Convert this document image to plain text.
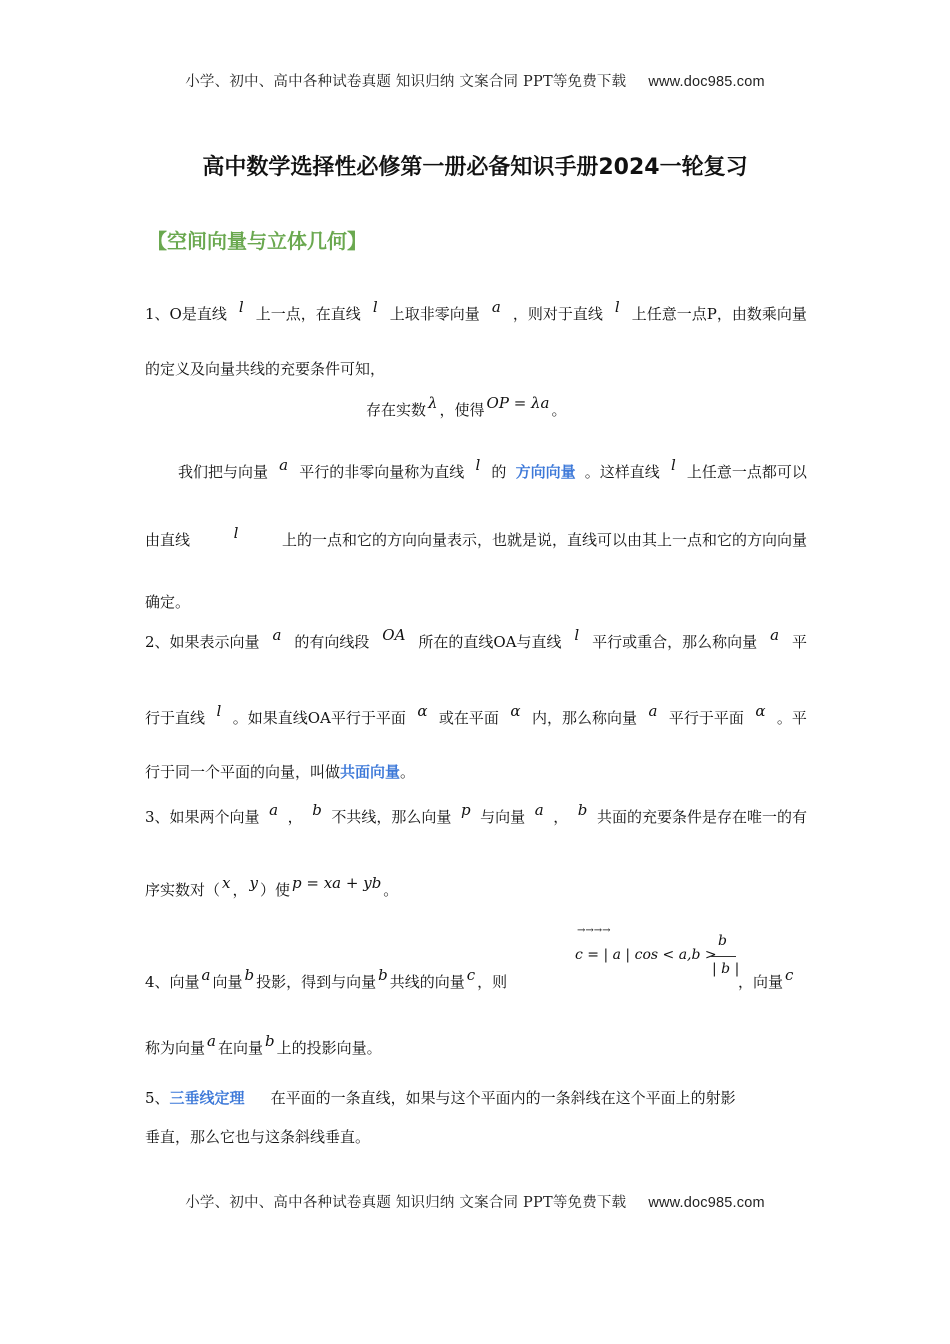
小学、初中、高中各种试卷真题 知识归纳 文案合同 PPT等免费下载 www.doc985.com
高中数学选择性必修第一册必备知识手册2024一轮复习
【空间向量与立体几何】
1、O是直线 l 上一点，在直线 l 上取非零向量 a ，则对于直线 l 上任意一点P，由数乘向量
的定义及向量共线的充要条件可知，
存在实数 λ ，使得 OP = λa 。
我们把与向量 a 平行的非零向量称为直线 l 的 方向向量 。这样直线 l 上任意一点都可以
由直线	l	上的一点和它的方向向量表示，也就是说，直线可以由其上一点和它的方向向量
确定。
2、如果表示向量 a 的有向线段 OA 所在的直线OA与直线 l 平行或重合，那么称向量 a 平
行于直线 l 。如果直线OA平行于平面 α 或在平面 α 内，那么称向量 a 平行于平面 α 。平
行于同一个平面的向量，叫做共面向量。
3、如果两个向量 a ， b 不共线，那么向量 p 与向量 a ， b 共面的充要条件是存在唯一的有
序实数对（ x ， y ）使 p = xa + yb 。
4、向量 a 向量 b 投影，得到与向量 b 共线的向量 c ，则
→→→→
c = | a | cos < a,b >
b
| b |
，向量 c
称为向量 a 在向量 b 上的投影向量。
5、三垂线定理 在平面的一条直线，如果与这个平面内的一条斜线在这个平面上的射影
垂直，那么它也与这条斜线垂直。
小学、初中、高中各种试卷真题 知识归纳 文案合同 PPT等免费下载 www.doc985.com
